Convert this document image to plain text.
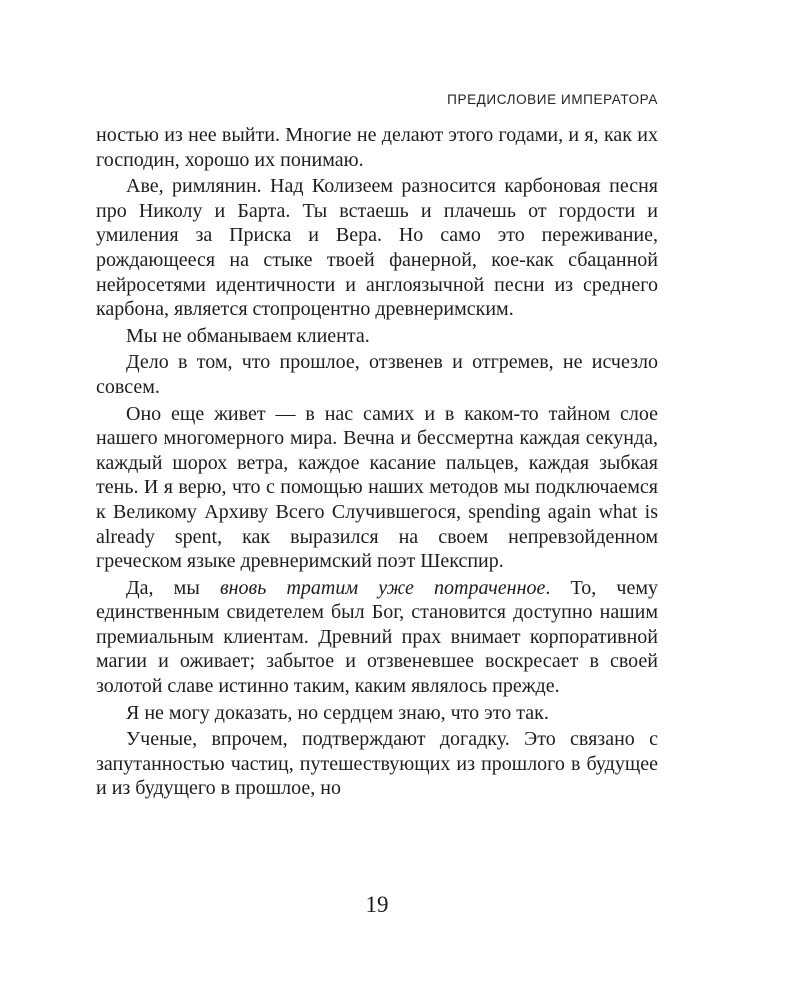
ПРЕДИСЛОВИЕ ИМПЕРАТОРА

ностью из нее выйти. Многие не делают этого годами, и я, как их господин, хорошо их понимаю.

Аве, римлянин. Над Колизеем разносится карбоновая песня про Николу и Барта. Ты встаешь и плачешь от гордости и умиления за Приска и Вера. Но само это переживание, рождающееся на стыке твоей фанерной, кое-как сбацанной нейросетями идентичности и англоязычной песни из среднего карбона, является стопроцентно древнеримским.

Мы не обманываем клиента.

Дело в том, что прошлое, отзвенев и отгремев, не исчезло совсем.

Оно еще живет — в нас самих и в каком-то тайном слое нашего многомерного мира. Вечна и бессмертна каждая секунда, каждый шорох ветра, каждое касание пальцев, каждая зыбкая тень. И я верю, что с помощью наших методов мы подключаемся к Великому Архиву Всего Случившегося, spending again what is already spent, как выразился на своем непревзойденном греческом языке древнеримский поэт Шекспир.

Да, мы вновь тратим уже потраченное. То, чему единственным свидетелем был Бог, становится доступно нашим премиальным клиентам. Древний прах внимает корпоративной магии и оживает; забытое и отзвеневшее воскресает в своей золотой славе истинно таким, каким являлось прежде.

Я не могу доказать, но сердцем знаю, что это так.

Ученые, впрочем, подтверждают догадку. Это связано с запутанностью частиц, путешествующих из прошлого в будущее и из будущего в прошлое, но

19
